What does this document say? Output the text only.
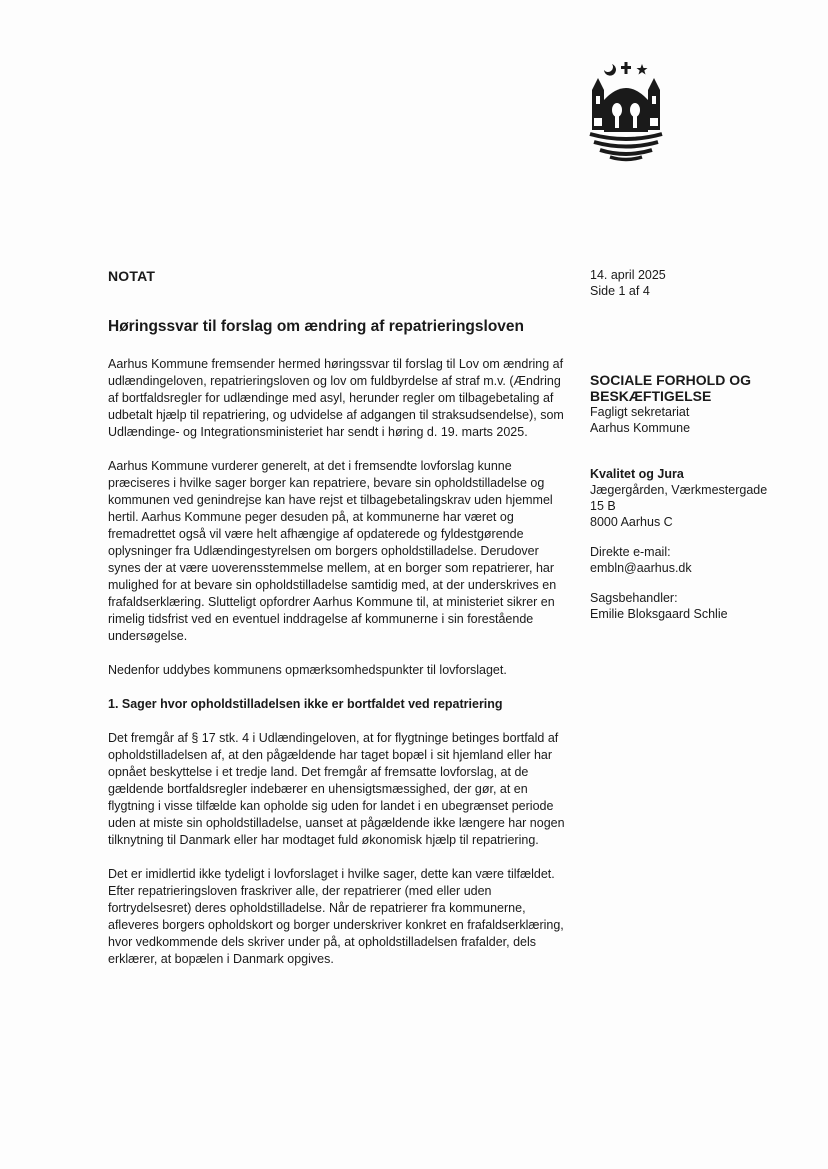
NOTAT	14. april 2025
Side 1 af 4
Høringssvar til forslag om ændring af repatrieringsloven

Aarhus Kommune fremsender hermed høringssvar til forslag til Lov om ændring af udlændingeloven, repatrieringsloven og lov om fuldbyrdelse af straf m.v. (Ændring af bortfaldsregler for udlændinge med asyl, herunder regler om tilbagebetaling af udbetalt hjælp til repatriering, og udvidelse af adgangen til straksudsendelse), som Udlændinge- og Integrationsministeriet har sendt i høring d. 19. marts 2025.

Aarhus Kommune vurderer generelt, at det i fremsendte lovforslag kunne præciseres i hvilke sager borger kan repatriere, bevare sin opholdstilladelse og kommunen ved genindrejse kan have rejst et tilbagebetalingskrav uden hjemmel hertil. Aarhus Kommune peger desuden på, at kommunerne har været og fremadrettet også vil være helt afhængige af opdaterede og fyldestgørende oplysninger fra Udlændingestyrelsen om borgers opholdstilladelse. Derudover synes der at være uoverensstemmelse mellem, at en borger som repatrierer, har mulighed for at bevare sin opholdstilladelse samtidig med, at der underskrives en frafaldserklæring. Slutteligt opfordrer Aarhus Kommune til, at ministeriet sikrer en rimelig tidsfrist ved en eventuel inddragelse af kommunerne i sin forestående undersøgelse.

Nedenfor uddybes kommunens opmærksomhedspunkter til lovforslaget.

1. Sager hvor opholdstilladelsen ikke er bortfaldet ved repatriering

Det fremgår af § 17 stk. 4 i Udlændingeloven, at for flygtninge betinges bortfald af opholdstilladelsen af, at den pågældende har taget bopæl i sit hjemland eller har opnået beskyttelse i et tredje land. Det fremgår af fremsatte lovforslag, at de gældende bortfaldsregler indebærer en uhensigtsmæssighed, der gør, at en flygtning i visse tilfælde kan opholde sig uden for landet i en ubegrænset periode uden at miste sin opholdstilladelse, uanset at pågældende ikke længere har nogen tilknytning til Danmark eller har modtaget fuld økonomisk hjælp til repatriering.

Det er imidlertid ikke tydeligt i lovforslaget i hvilke sager, dette kan være tilfældet. Efter repatrieringsloven fraskriver alle, der repatrierer (med eller uden fortrydelsesret) deres opholdstilladelse. Når de repatrierer fra kommunerne, afleveres borgers opholdskort og borger underskriver konkret en frafaldserklæring, hvor vedkommende dels skriver under på, at opholdstilladelsen frafalder, dels erklærer, at bopælen i Danmark opgives.

SOCIALE FORHOLD OG
BESKÆFTIGELSE
Fagligt sekretariat
Aarhus Kommune
Kvalitet og Jura
Jægergården, Værkmestergade
15 B
8000 Aarhus C
Direkte e-mail:
embln@aarhus.dk
Sagsbehandler:
Emilie Bloksgaard Schlie
